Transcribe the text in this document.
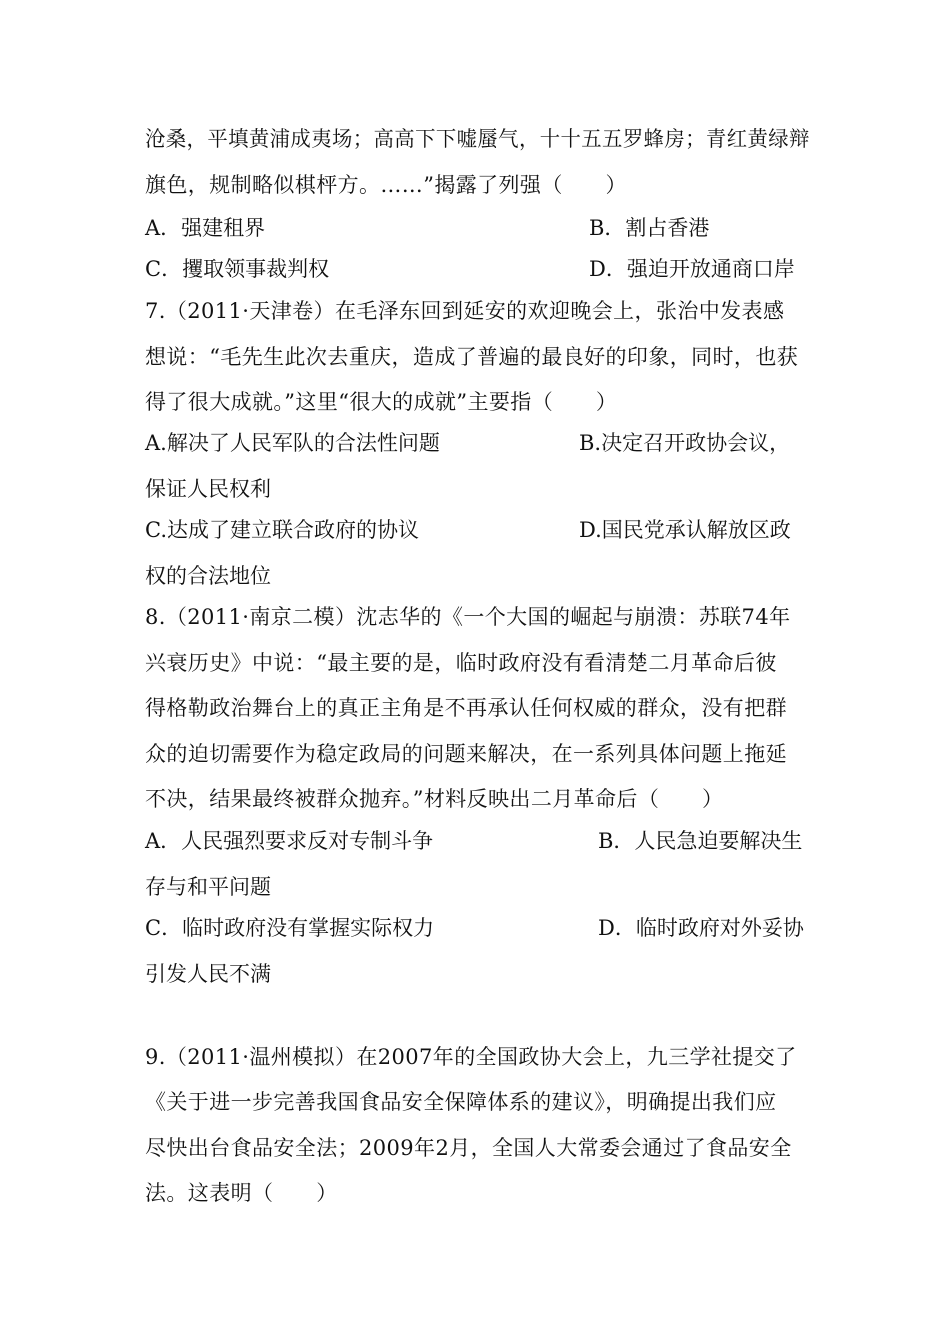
沧桑，平填黄浦成夷场；高高下下嘘蜃气，十十五五罗蜂房；青红黄绿辩
旗色，规制略似棋枰方。……”揭露了列强（　　）
A．强建租界	B．割占香港
C．攫取领事裁判权	D．强迫开放通商口岸
7.（2011·天津卷）在毛泽东回到延安的欢迎晚会上，张治中发表感
想说：“毛先生此次去重庆，造成了普遍的最良好的印象，同时，也获
得了很大成就。”这里“很大的成就”主要指（　　）
A.解决了人民军队的合法性问题	B.决定召开政协会议，
保证人民权利
C.达成了建立联合政府的协议	D.国民党承认解放区政
权的合法地位
8.（2011·南京二模）沈志华的《一个大国的崛起与崩溃：苏联74年
兴衰历史》中说：“最主要的是，临时政府没有看清楚二月革命后彼
得格勒政治舞台上的真正主角是不再承认任何权威的群众，没有把群
众的迫切需要作为稳定政局的问题来解决，在一系列具体问题上拖延
不决，结果最终被群众抛弃。”材料反映出二月革命后（　　）
A．人民强烈要求反对专制斗争	B．人民急迫要解决生
存与和平问题
C．临时政府没有掌握实际权力	D．临时政府对外妥协
引发人民不满
9.（2011·温州模拟）在2007年的全国政协大会上，九三学社提交了
《关于进一步完善我国食品安全保障体系的建议》，明确提出我们应
尽快出台食品安全法；2009年2月，全国人大常委会通过了食品安全
法。这表明（　　）
